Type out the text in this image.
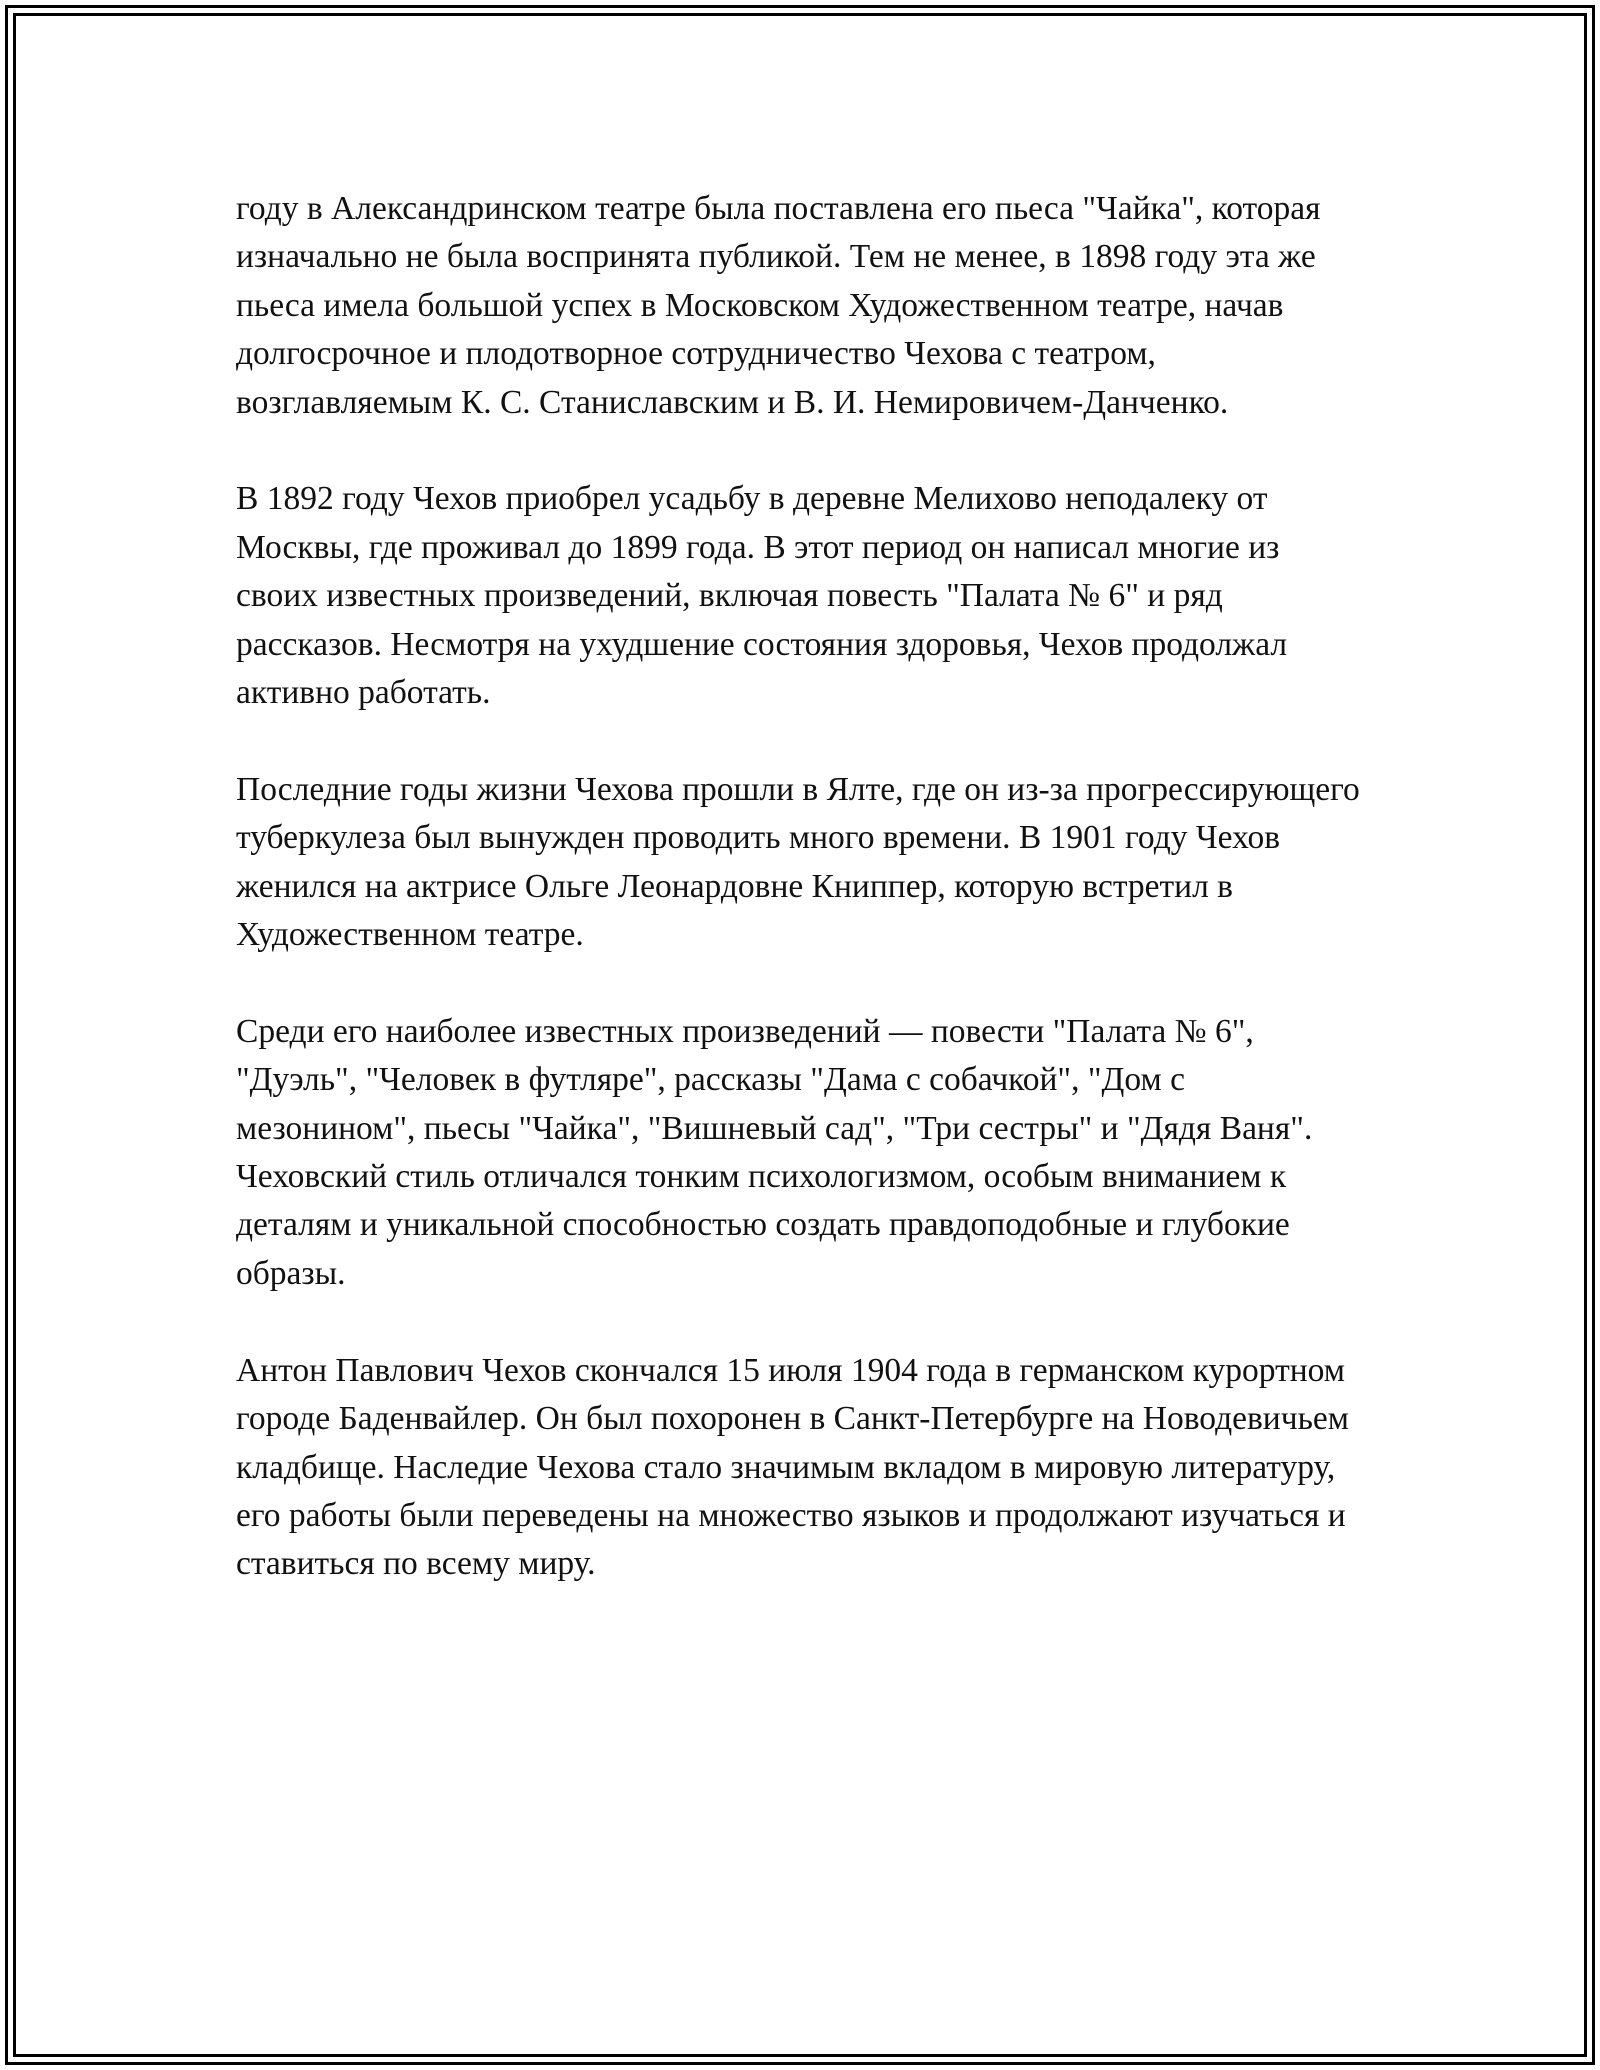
году в Александринском театре была поставлена его пьеса "Чайка", которая изначально не была воспринята публикой. Тем не менее, в 1898 году эта же пьеса имела большой успех в Московском Художественном театре, начав долгосрочное и плодотворное сотрудничество Чехова с театром, возглавляемым К. С. Станиславским и В. И. Немировичем-Данченко.

В 1892 году Чехов приобрел усадьбу в деревне Мелихово неподалеку от Москвы, где проживал до 1899 года. В этот период он написал многие из своих известных произведений, включая повесть "Палата № 6" и ряд рассказов. Несмотря на ухудшение состояния здоровья, Чехов продолжал активно работать.

Последние годы жизни Чехова прошли в Ялте, где он из-за прогрессирующего туберкулеза был вынужден проводить много времени. В 1901 году Чехов женился на актрисе Ольге Леонардовне Книппер, которую встретил в Художественном театре.

Среди его наиболее известных произведений — повести "Палата № 6", "Дуэль", "Человек в футляре", рассказы "Дама с собачкой", "Дом с мезонином", пьесы "Чайка", "Вишневый сад", "Три сестры" и "Дядя Ваня". Чеховский стиль отличался тонким психологизмом, особым вниманием к деталям и уникальной способностью создать правдоподобные и глубокие образы.

Антон Павлович Чехов скончался 15 июля 1904 года в германском курортном городе Баденвайлер. Он был похоронен в Санкт-Петербурге на Новодевичьем кладбище. Наследие Чехова стало значимым вкладом в мировую литературу, его работы были переведены на множество языков и продолжают изучаться и ставиться по всему миру.
